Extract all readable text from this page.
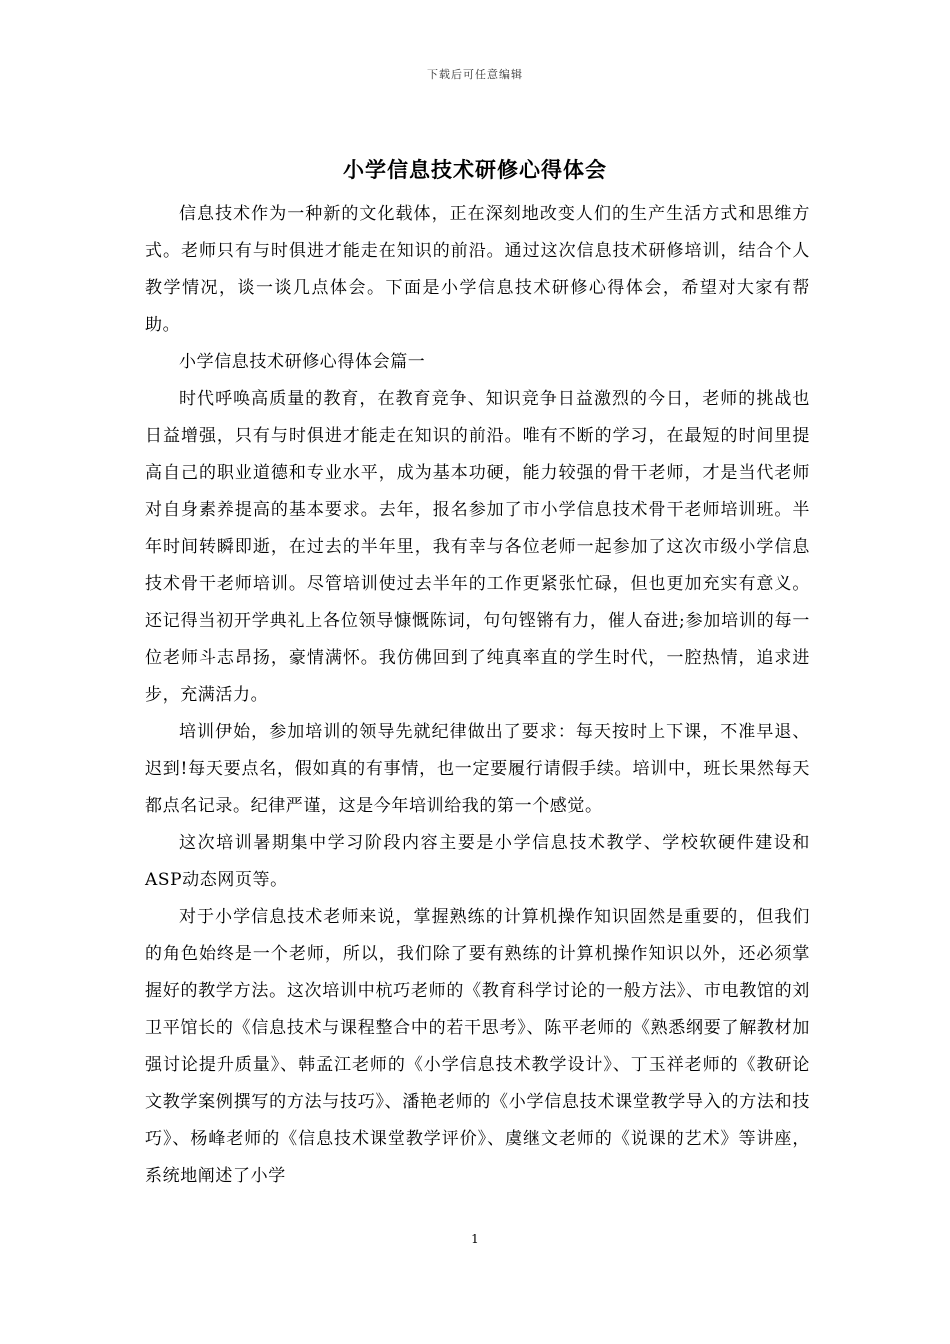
下载后可任意编辑
小学信息技术研修心得体会

信息技术作为一种新的文化载体，正在深刻地改变人们的生产生活方式和思维方式。老师只有与时俱进才能走在知识的前沿。通过这次信息技术研修培训，结合个人教学情况，谈一谈几点体会。下面是小学信息技术研修心得体会，希望对大家有帮助。

小学信息技术研修心得体会篇一

时代呼唤高质量的教育，在教育竞争、知识竞争日益激烈的今日，老师的挑战也日益增强，只有与时俱进才能走在知识的前沿。唯有不断的学习，在最短的时间里提高自己的职业道德和专业水平，成为基本功硬，能力较强的骨干老师，才是当代老师对自身素养提高的基本要求。去年，报名参加了市小学信息技术骨干老师培训班。半年时间转瞬即逝，在过去的半年里，我有幸与各位老师一起参加了这次市级小学信息技术骨干老师培训。尽管培训使过去半年的工作更紧张忙碌，但也更加充实有意义。还记得当初开学典礼上各位领导慷慨陈词，句句铿锵有力，催人奋进;参加培训的每一位老师斗志昂扬，豪情满怀。我仿佛回到了纯真率直的学生时代，一腔热情，追求进步，充满活力。

培训伊始，参加培训的领导先就纪律做出了要求：每天按时上下课，不准早退、迟到!每天要点名，假如真的有事情，也一定要履行请假手续。培训中，班长果然每天都点名记录。纪律严谨，这是今年培训给我的第一个感觉。

这次培训暑期集中学习阶段内容主要是小学信息技术教学、学校软硬件建设和ASP动态网页等。

对于小学信息技术老师来说，掌握熟练的计算机操作知识固然是重要的，但我们的角色始终是一个老师，所以，我们除了要有熟练的计算机操作知识以外，还必须掌握好的教学方法。这次培训中杭巧老师的《教育科学讨论的一般方法》、市电教馆的刘卫平馆长的《信息技术与课程整合中的若干思考》、陈平老师的《熟悉纲要了解教材加强讨论提升质量》、韩孟江老师的《小学信息技术教学设计》、丁玉祥老师的《教研论文教学案例撰写的方法与技巧》、潘艳老师的《小学信息技术课堂教学导入的方法和技巧》、杨峰老师的《信息技术课堂教学评价》、虞继文老师的《说课的艺术》等讲座，系统地阐述了小学

1
